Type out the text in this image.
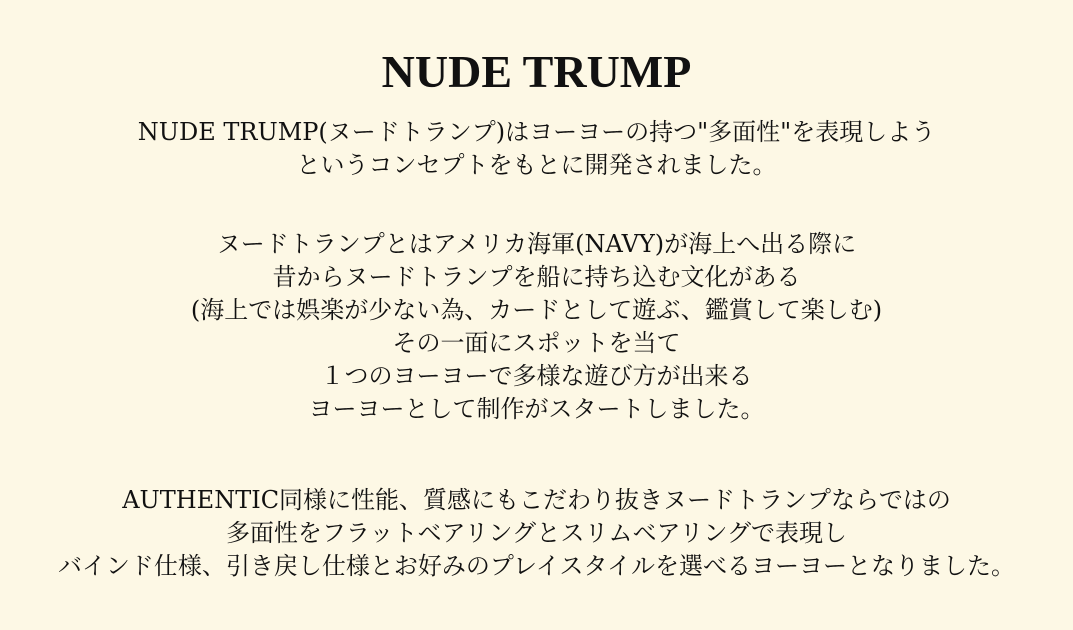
NUDE TRUMP

NUDE TRUMP(ヌードトランプ)はヨーヨーの持つ"多面性"を表現しよう
というコンセプトをもとに開発されました。

ヌードトランプとはアメリカ海軍(NAVY)が海上へ出る際に
昔からヌードトランプを船に持ち込む文化がある
(海上では娯楽が少ない為、カードとして遊ぶ、鑑賞して楽しむ)
その一面にスポットを当て
１つのヨーヨーで多様な遊び方が出来る
ヨーヨーとして制作がスタートしました。

AUTHENTIC同様に性能、質感にもこだわり抜きヌードトランプならではの
多面性をフラットベアリングとスリムベアリングで表現し
バインド仕様、引き戻し仕様とお好みのプレイスタイルを選べるヨーヨーとなりました。
